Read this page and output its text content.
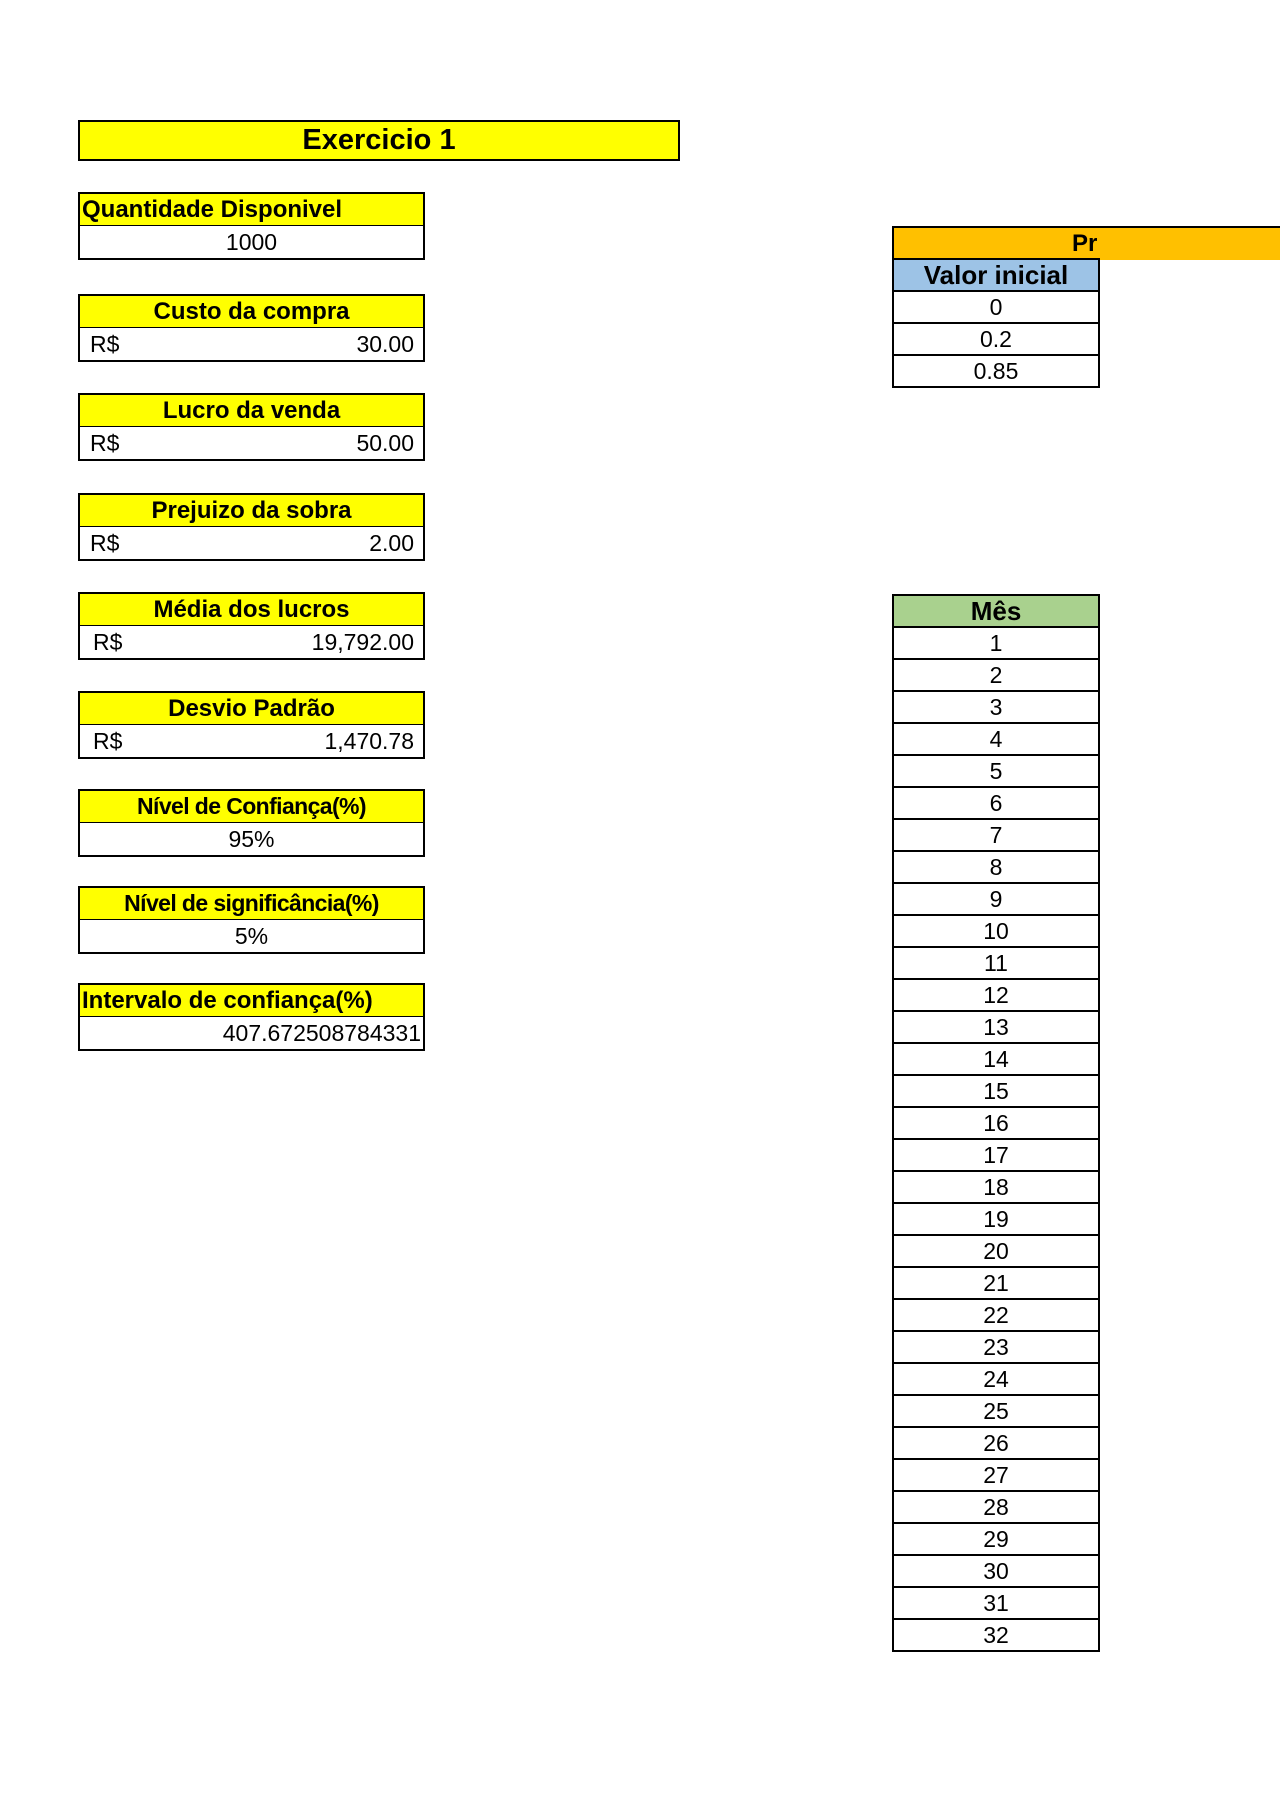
Exercicio 1
Quantidade Disponivel
1000
Custo da compra
R$	30.00
Lucro da venda
R$	50.00
Prejuizo da sobra
R$	2.00
Média dos lucros
R$	19,792.00
Desvio Padrão
R$	1,470.78
Nível de Confiança(%)
95%
Nível de significância(%)
5%
Intervalo de confiança(%)
407.672508784331
Pr
Valor inicial
0
0.2
0.85
Mês
1
2
3
4
5
6
7
8
9
10
11
12
13
14
15
16
17
18
19
20
21
22
23
24
25
26
27
28
29
30
31
32
